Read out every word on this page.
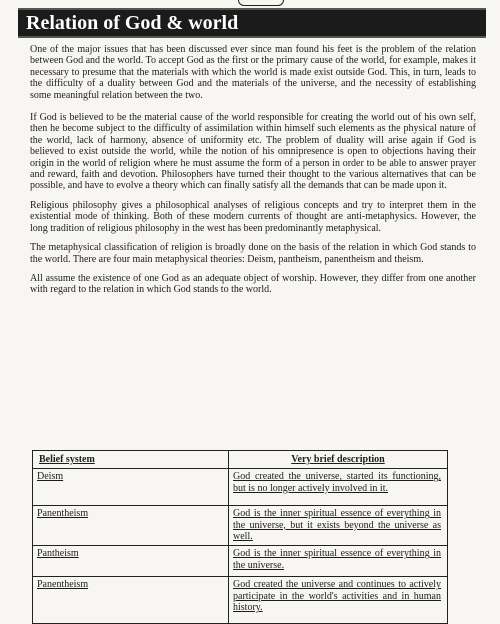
Relation of God & world

One of the major issues that has been discussed ever since man found his feet is the problem of the relation between God and the world. To accept God as the first or the primary cause of the world, for example, makes it necessary to presume that the materials with which the world is made exist outside God. This, in turn, leads to the difficulty of a duality between God and the materials of the universe, and the necessity of establishing some meaningful relation between the two.

If God is believed to be the material cause of the world responsible for creating the world out of his own self, then he become subject to the difficulty of assimilation within himself such elements as the physical nature of the world, lack of harmony, absence of uniformity etc. The problem of duality will arise again if God is believed to exist outside the world, while the notion of his omnipresence is open to objections having their origin in the world of religion where he must assume the form of a person in order to be able to answer prayer and reward, faith and devotion. Philosophers have turned their thought to the various alternatives that can be possible, and have to evolve a theory which can finally satisfy all the demands that can be made upon it.

Religious philosophy gives a philosophical analyses of religious concepts and try to interpret them in the existential mode of thinking. Both of these modern currents of thought are anti-metaphysics. However, the long tradition of religious philosophy in the west has been predominantly metaphysical.

The metaphysical classification of religion is broadly done on the basis of the relation in which God stands to the world. There are four main metaphysical theories: Deism, pantheism, panentheism and theism.

All assume the existence of one God as an adequate object of worship. However, they differ from one another with regard to the relation in which God stands to the world.

Belief system	Very brief description
Deism	God created the universe, started its functioning, but is no longer actively involved in it.
Panentheism	God is the inner spiritual essence of everything in the universe, but it exists beyond the universe as well.
Pantheism	God is the inner spiritual essence of everything in the universe.
Panentheism	God created the universe and continues to actively participate in the world's activities and in human history.
